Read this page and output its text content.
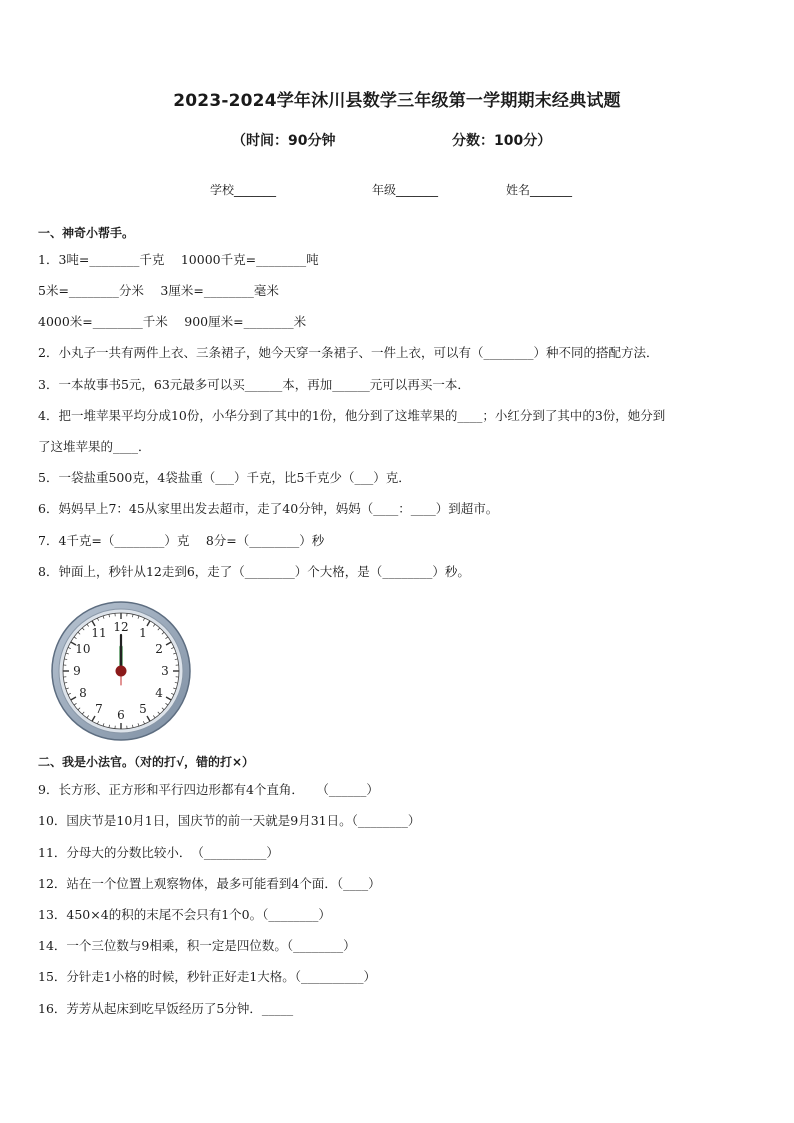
2023-2024学年沐川县数学三年级第一学期期末经典试题
（时间：90分钟	分数：100分）
学校_______	年级_______	姓名_______
一、神奇小帮手。
1．3吨=________千克　 10000千克=________吨
5米=________分米　 3厘米=________毫米
4000米=________千米　 900厘米=________米
2．小丸子一共有两件上衣、三条裙子，她今天穿一条裙子、一件上衣，可以有（________）种不同的搭配方法．
3．一本故事书5元，63元最多可以买______本，再加______元可以再买一本．
4．把一堆苹果平均分成10份，小华分到了其中的1份，他分到了这堆苹果的____；小红分到了其中的3份，她分到
了这堆苹果的____．
5．一袋盐重500克，4袋盐重（___）千克，比5千克少（___）克．
6．妈妈早上7：45从家里出发去超市，走了40分钟，妈妈（____：____）到超市。
7．4千克=（________）克　 8分=（________）秒
8．钟面上，秒针从12走到6，走了（________）个大格，是（________）秒。
12 1
2
3
4
5
6
7
8
9
10
11
二、我是小法官。（对的打√，错的打×）
9．长方形、正方形和平行四边形都有4个直角．　　（______）
10．国庆节是10月1日，国庆节的前一天就是9月31日。（________）
11．分母大的分数比较小．　（__________）
12．站在一个位置上观察物体，最多可能看到4个面．（____）
13．450×4的积的末尾不会只有1个0。（________）
14．一个三位数与9相乘，积一定是四位数。（________）
15．分针走1小格的时候，秒针正好走1大格。（__________）
16．芳芳从起床到吃早饭经历了5分钟．_____
